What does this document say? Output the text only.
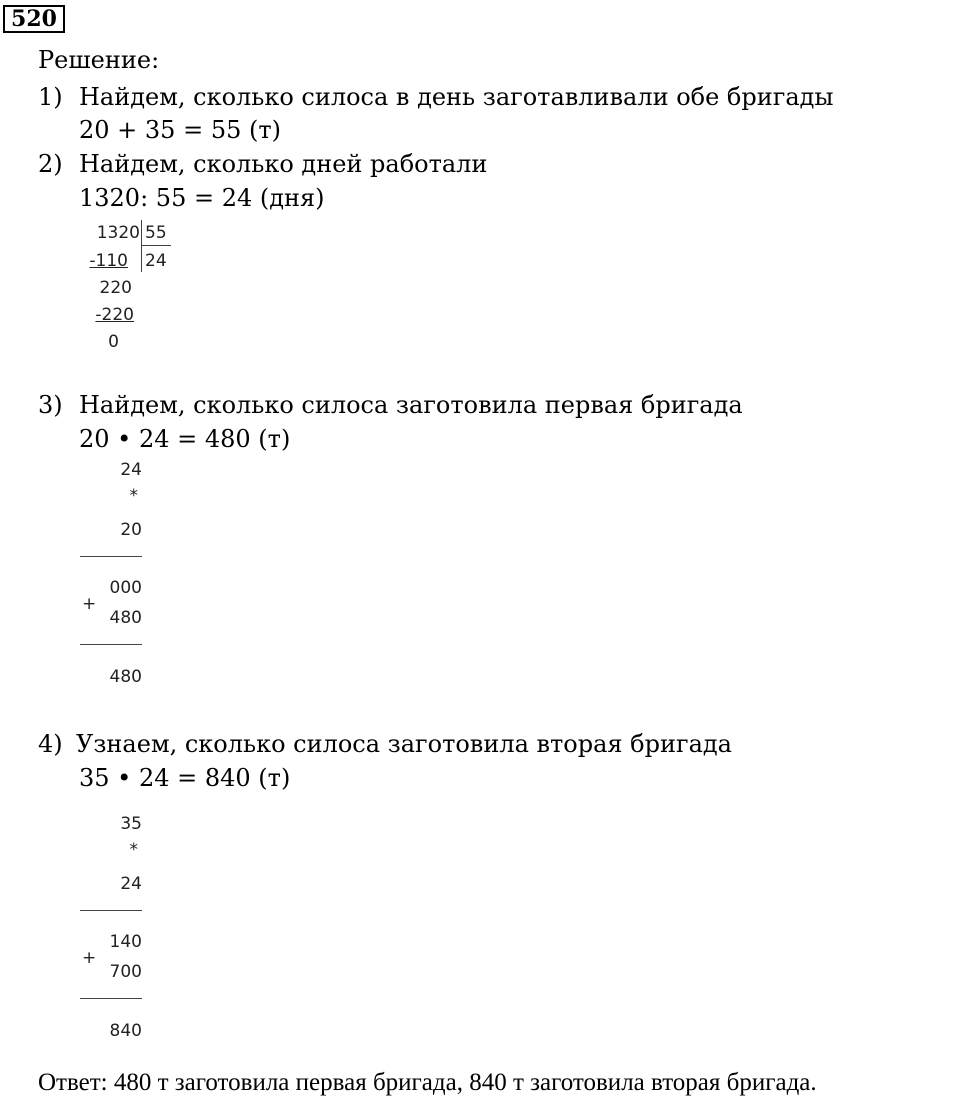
520
Решение:
1) Найдем, сколько силоса в день заготавливали обе бригады
20 + 35 = 55 (т)
2) Найдем, сколько дней работали
1320: 55 = 24 (дня)
1320 55
24
-110
220
-220
0
3) Найдем, сколько силоса заготовила первая бригада
20 • 24 = 480 (т)
24
*
20
000
+
480
480
4) Узнаем, сколько силоса заготовила вторая бригада
35 • 24 = 840 (т)
35
*
24
140
+
700
840
Ответ: 480 т заготовила первая бригада, 840 т заготовила вторая бригада.
